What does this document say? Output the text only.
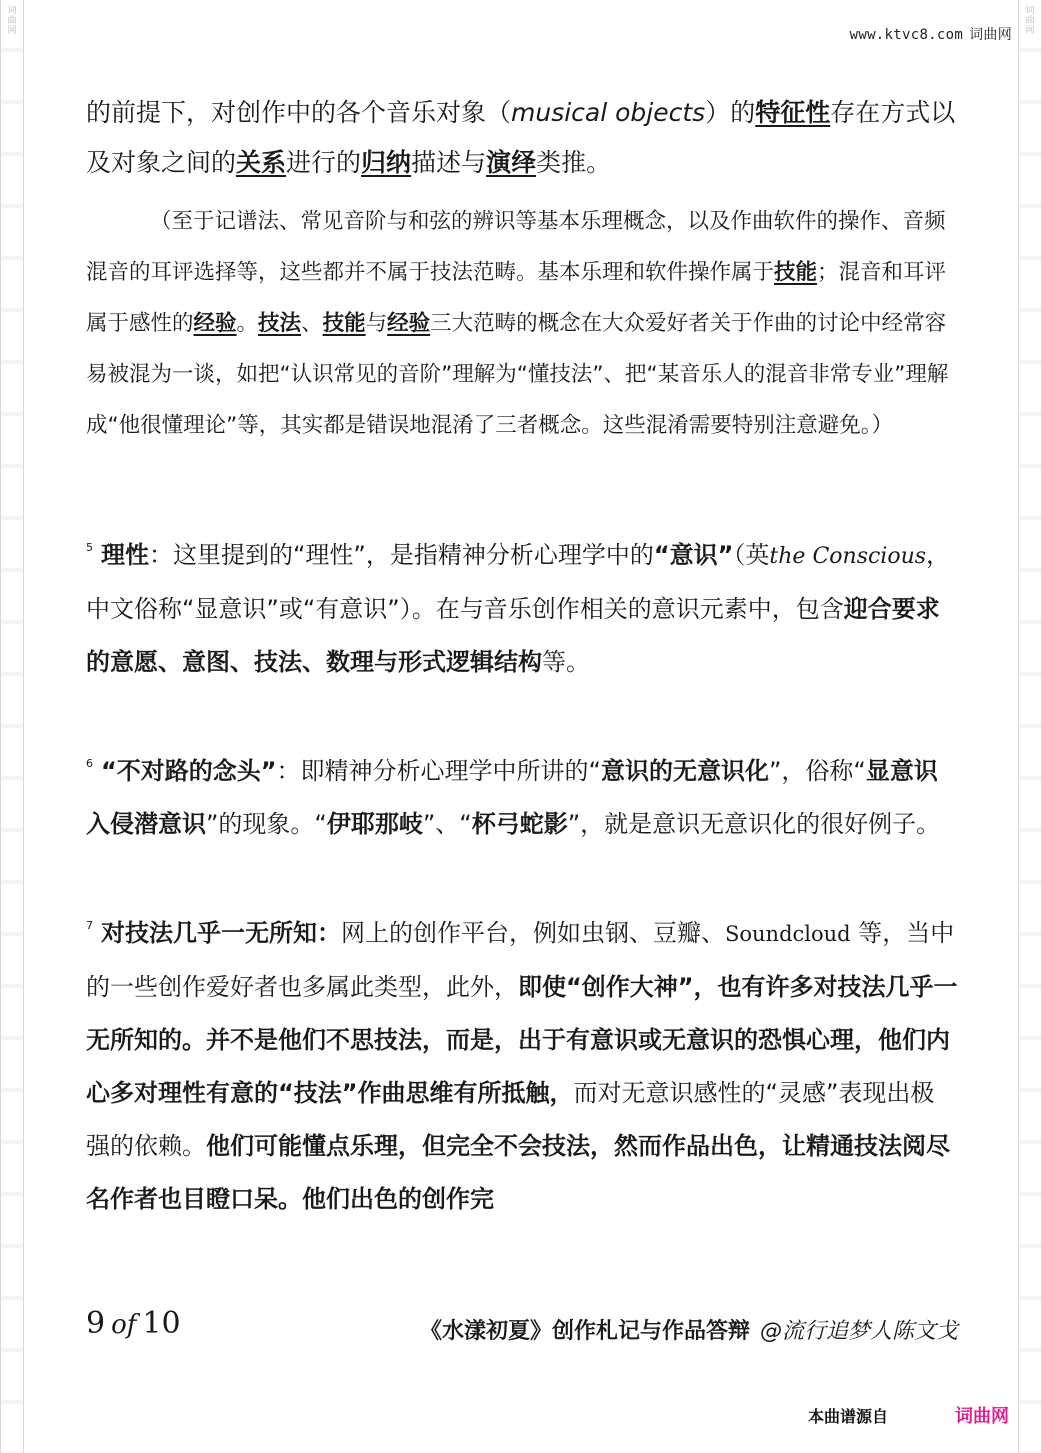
词
曲
网
词
曲
网
www.ktvc8.com 词曲网

的前提下，对创作中的各个音乐对象（musical objects）的特征性存在方式以及对象之间的关系进行的归纳描述与演绎类推。

（至于记谱法、常见音阶与和弦的辨识等基本乐理概念，以及作曲软件的操作、音频混音的耳评选择等，这些都并不属于技法范畴。基本乐理和软件操作属于技能；混音和耳评属于感性的经验。技法、技能与经验三大范畴的概念在大众爱好者关于作曲的讨论中经常容易被混为一谈，如把“认识常见的音阶”理解为“懂技法”、把“某音乐人的混音非常专业”理解成“他很懂理论”等，其实都是错误地混淆了三者概念。这些混淆需要特别注意避免。）

$^5$ 理性：这里提到的“理性”，是指精神分析心理学中的“意识”（英the Conscious，中文俗称“显意识”或“有意识”）。在与音乐创作相关的意识元素中，包含迎合要求的意愿、意图、技法、数理与形式逻辑结构等。

$^6$ “不对路的念头”：即精神分析心理学中所讲的“意识的无意识化”，俗称“显意识入侵潜意识”的现象。“伊耶那岐”、“杯弓蛇影”，就是意识无意识化的很好例子。

$^7$ 对技法几乎一无所知：网上的创作平台，例如虫钢、豆瓣、Soundcloud 等，当中的一些创作爱好者也多属此类型，此外，即使“创作大神”，也有许多对技法几乎一无所知的。并不是他们不思技法，而是，出于有意识或无意识的恐惧心理，他们内心多对理性有意的“技法”作曲思维有所抵触，而对无意识感性的“灵感”表现出极强的依赖。他们可能懂点乐理，但完全不会技法，然而作品出色，让精通技法阅尽名作者也目瞪口呆。他们出色的创作完

9 of 10	《水漾初夏》创作札记与作品答辩 @流行追梦人陈文戈
本曲谱源自	词曲网
